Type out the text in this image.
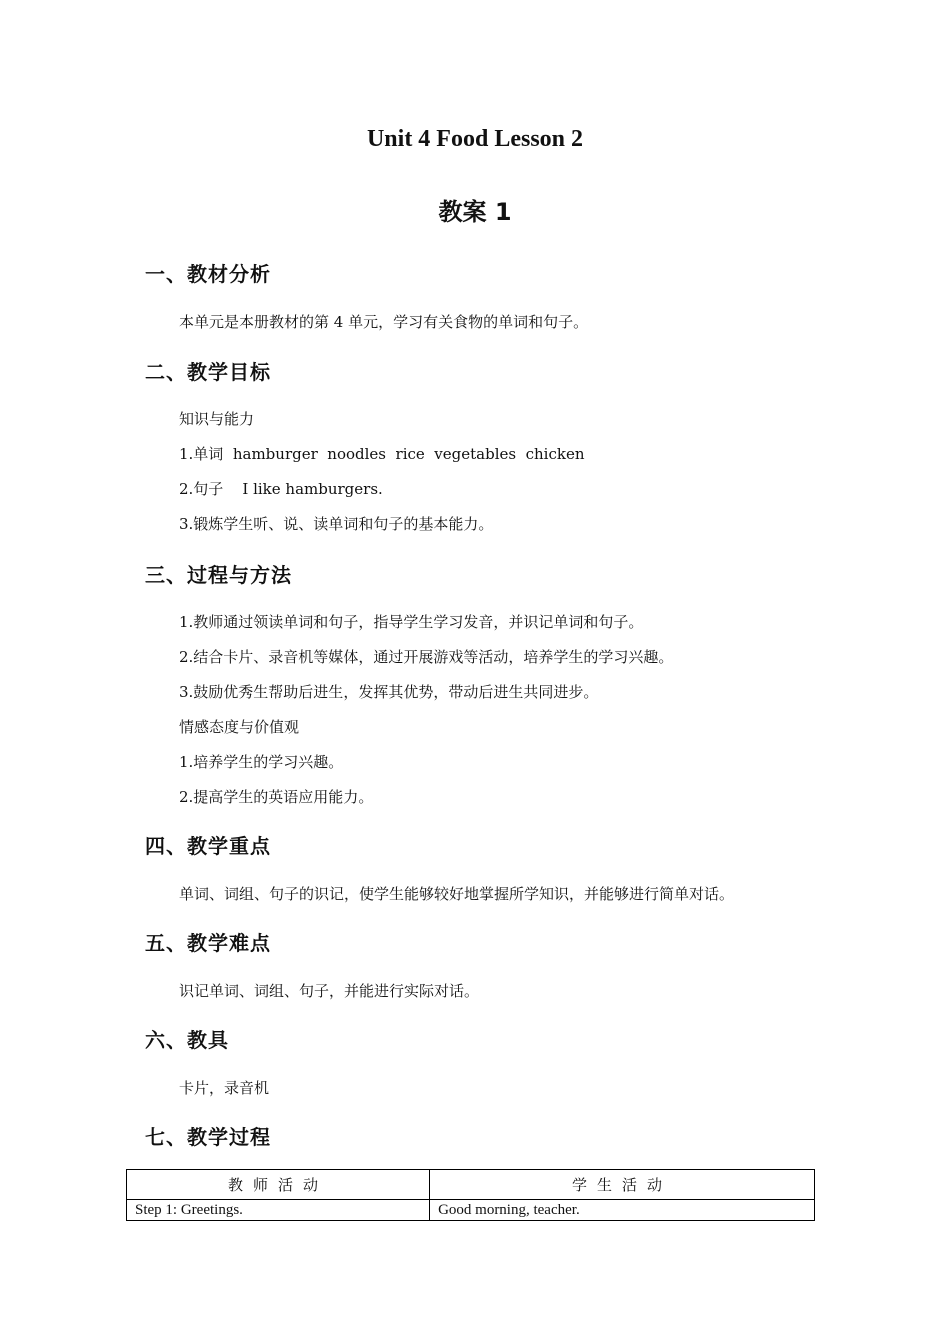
Unit 4 Food Lesson 2
教案 1
一、教材分析
本单元是本册教材的第 4 单元，学习有关食物的单词和句子。
二、教学目标
知识与能力
1.单词  hamburger  noodles  rice  vegetables  chicken
2.句子    I like hamburgers.
3.锻炼学生听、说、读单词和句子的基本能力。
三、过程与方法
1.教师通过领读单词和句子，指导学生学习发音，并识记单词和句子。
2.结合卡片、录音机等媒体，通过开展游戏等活动，培养学生的学习兴趣。
3.鼓励优秀生帮助后进生，发挥其优势，带动后进生共同进步。
情感态度与价值观
1.培养学生的学习兴趣。
2.提高学生的英语应用能力。
四、教学重点
单词、词组、句子的识记，使学生能够较好地掌握所学知识，并能够进行简单对话。
五、教学难点
识记单词、词组、句子，并能进行实际对话。
六、教具
卡片，录音机
七、教学过程
教师活动	学生活动
Step 1: Greetings.	Good morning, teacher.
